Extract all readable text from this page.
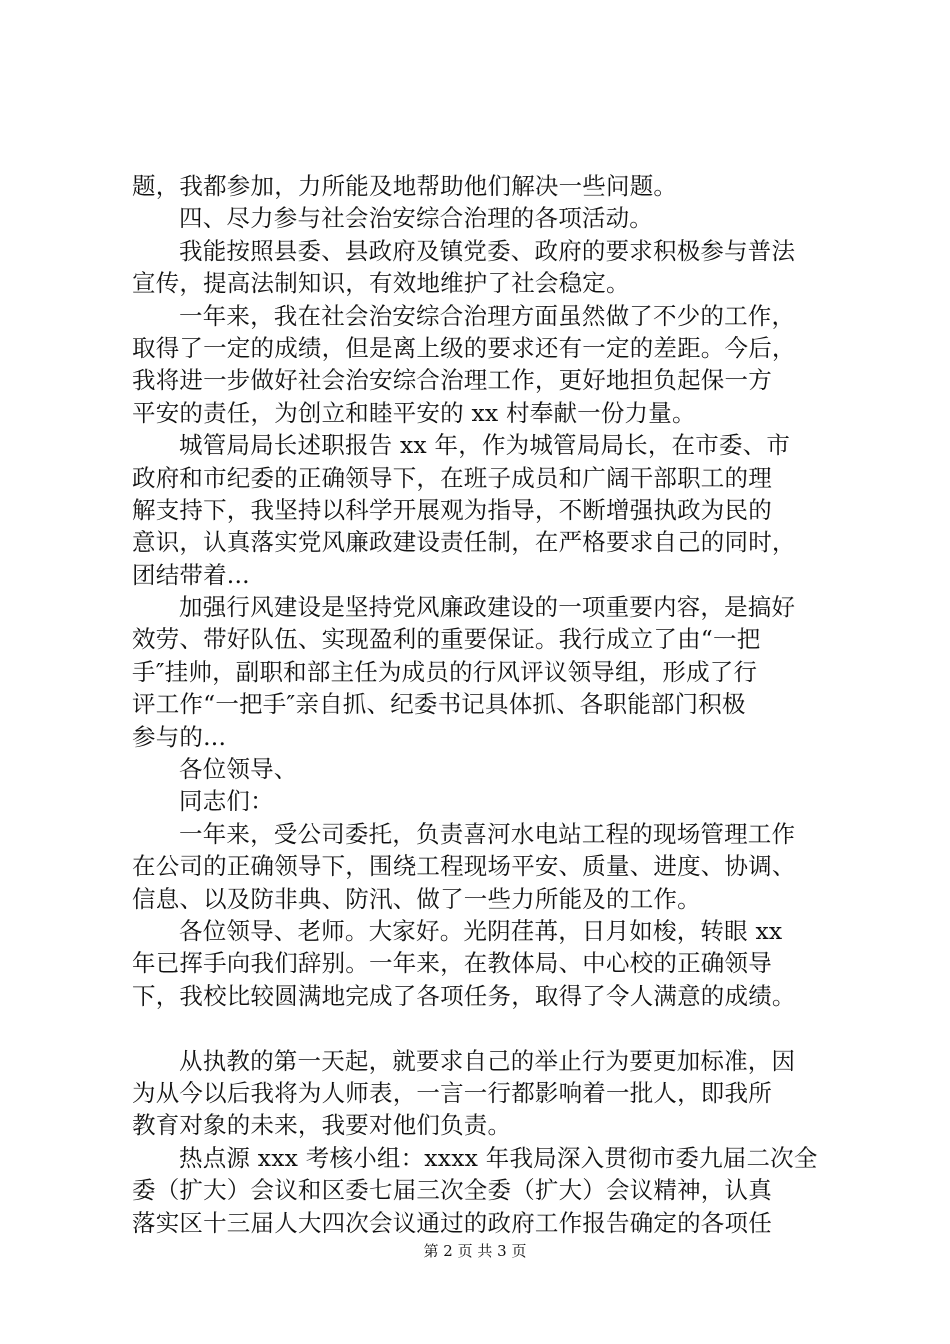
题，我都参加，力所能及地帮助他们解决一些问题。
四、尽力参与社会治安综合治理的各项活动。
我能按照县委、县政府及镇党委、政府的要求积极参与普法
宣传，提高法制知识，有效地维护了社会稳定。
一年来，我在社会治安综合治理方面虽然做了不少的工作，
取得了一定的成绩，但是离上级的要求还有一定的差距。今后，
我将进一步做好社会治安综合治理工作，更好地担负起保一方
平安的责任，为创立和睦平安的 xx 村奉献一份力量。
城管局局长述职报告 xx 年，作为城管局局长，在市委、市
政府和市纪委的正确领导下，在班子成员和广阔干部职工的理
解支持下，我坚持以科学开展观为指导，不断增强执政为民的
意识，认真落实党风廉政建设责任制，在严格要求自己的同时，
团结带着...
加强行风建设是坚持党风廉政建设的一项重要内容，是搞好
效劳、带好队伍、实现盈利的重要保证。我行成立了由“一把
手″挂帅，副职和部主任为成员的行风评议领导组，形成了行
评工作“一把手″亲自抓、纪委书记具体抓、各职能部门积极
参与的...
各位领导、
同志们：
一年来，受公司委托，负责喜河水电站工程的现场管理工作
在公司的正确领导下，围绕工程现场平安、质量、进度、协调、
信息、以及防非典、防汛、做了一些力所能及的工作。
各位领导、老师。大家好。光阴荏苒，日月如梭，转眼 xx
年已挥手向我们辞别。一年来，在教体局、中心校的正确领导
下，我校比较圆满地完成了各项任务，取得了令人满意的成绩。
从执教的第一天起，就要求自己的举止行为要更加标准，因
为从今以后我将为人师表，一言一行都影响着一批人，即我所
教育对象的未来，我要对他们负责。
热点源 xxx 考核小组：xxxx 年我局深入贯彻市委九届二次全
委（扩大）会议和区委七届三次全委（扩大）会议精神，认真
落实区十三届人大四次会议通过的政府工作报告确定的各项任
第 2 页 共 3 页
